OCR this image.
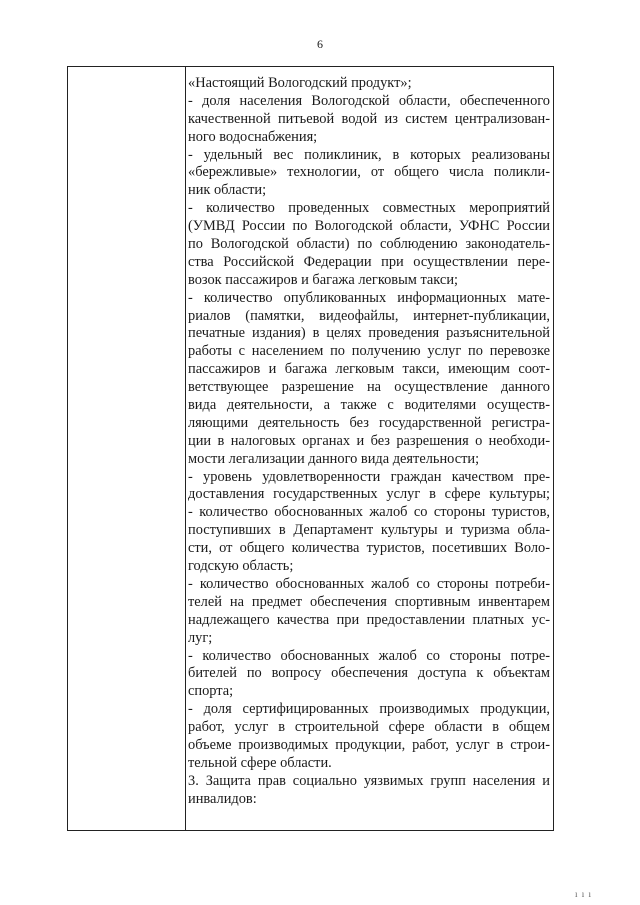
6
«Настоящий Вологодский продукт»;
- доля населения Вологодской области, обеспеченного
качественной питьевой водой из систем централизован-
ного водоснабжения;
- удельный вес поликлиник, в которых реализованы
«бережливые» технологии, от общего числа поликли-
ник области;
- количество проведенных совместных мероприятий
(УМВД России по Вологодской области, УФНС России
по Вологодской области) по соблюдению законодатель-
ства Российской Федерации при осуществлении пере-
возок пассажиров и багажа легковым такси;
- количество опубликованных информационных мате-
риалов (памятки, видеофайлы, интернет-публикации,
печатные издания) в целях проведения разъяснительной
работы с населением по получению услуг по перевозке
пассажиров и багажа легковым такси, имеющим соот-
ветствующее разрешение на осуществление данного
вида деятельности, а также с водителями осуществ-
ляющими деятельность без государственной регистра-
ции в налоговых органах и без разрешения о необходи-
мости легализации данного вида деятельности;
- уровень удовлетворенности граждан качеством пре-
доставления государственных услуг в сфере культуры;
- количество обоснованных жалоб со стороны туристов,
поступивших в Департамент культуры и туризма обла-
сти, от общего количества туристов, посетивших Воло-
годскую область;
- количество обоснованных жалоб со стороны потреби-
телей на предмет обеспечения спортивным инвентарем
надлежащего качества при предоставлении платных ус-
луг;
- количество обоснованных жалоб со стороны потре-
бителей по вопросу обеспечения доступа к объектам
спорта;
- доля сертифицированных производимых продукции,
работ, услуг в строительной сфере области в общем
объеме производимых продукции, работ, услуг в строи-
тельной сфере области.
3. Защита прав социально уязвимых групп населения и
инвалидов:
ı ı ı
